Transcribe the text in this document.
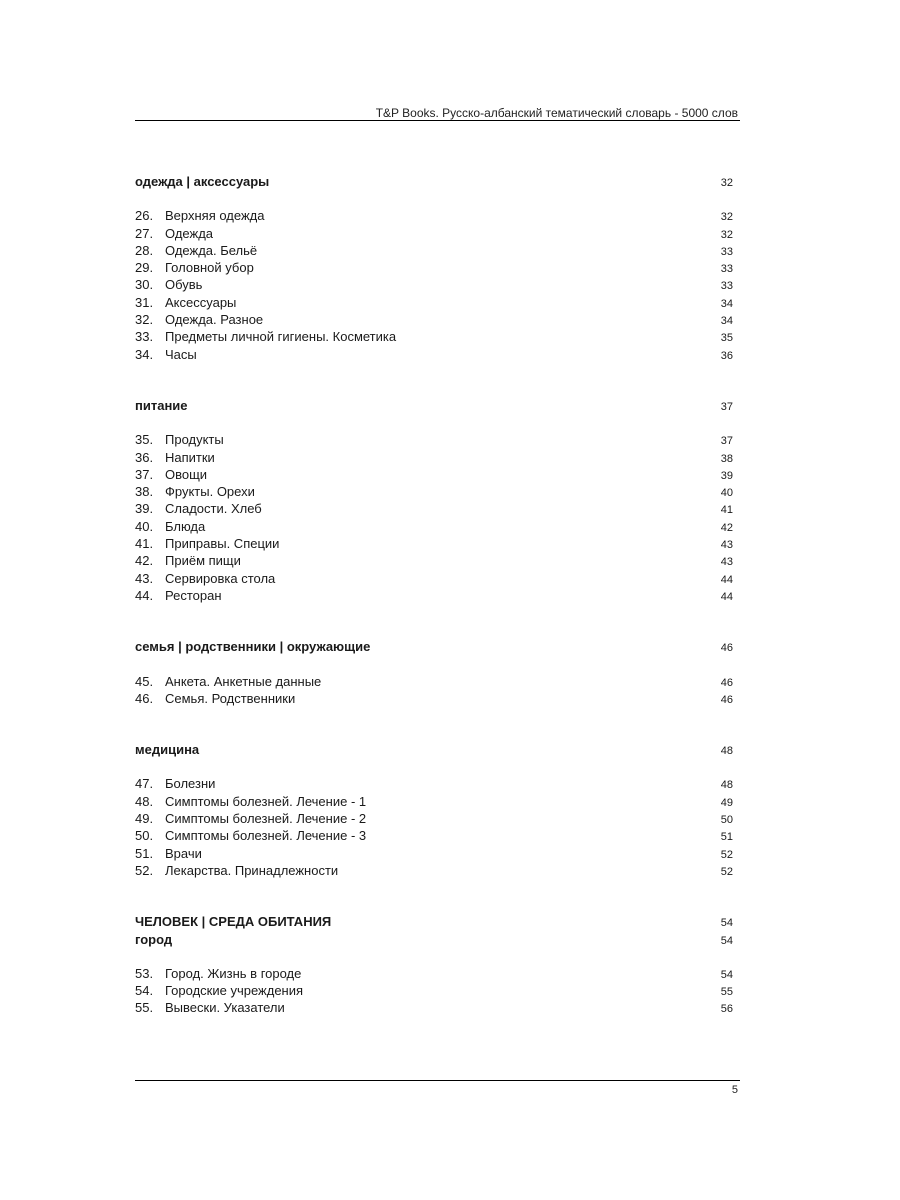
T&P Books. Русско-албанский тематический словарь - 5000 слов
одежда | аксессуары	32
26. Верхняя одежда	32
27. Одежда	32
28. Одежда. Бельё	33
29. Головной убор	33
30. Обувь	33
31. Аксессуары	34
32. Одежда. Разное	34
33. Предметы личной гигиены. Косметика	35
34. Часы	36
питание	37
35. Продукты	37
36. Напитки	38
37. Овощи	39
38. Фрукты. Орехи	40
39. Сладости. Хлеб	41
40. Блюда	42
41. Приправы. Специи	43
42. Приём пищи	43
43. Сервировка стола	44
44. Ресторан	44
семья | родственники | окружающие	46
45. Анкета. Анкетные данные	46
46. Семья. Родственники	46
медицина	48
47. Болезни	48
48. Симптомы болезней. Лечение - 1	49
49. Симптомы болезней. Лечение - 2	50
50. Симптомы болезней. Лечение - 3	51
51. Врачи	52
52. Лекарства. Принадлежности	52
ЧЕЛОВЕК | СРЕДА ОБИТАНИЯ	54
город	54
53. Город. Жизнь в городе	54
54. Городские учреждения	55
55. Вывески. Указатели	56
5
